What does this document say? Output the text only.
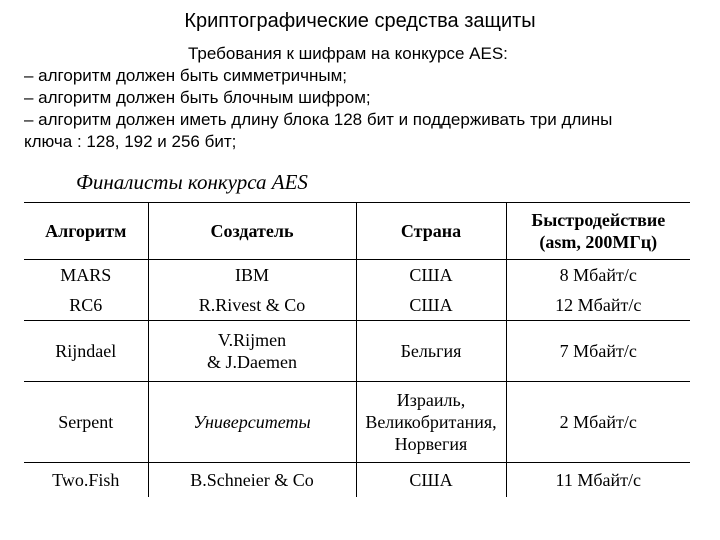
Криптографические средства защиты
Требования к шифрам на конкурсе AES:
– алгоритм должен быть симметричным;
– алгоритм должен быть блочным шифром;
– алгоритм должен иметь длину блока 128 бит и поддерживать три длины
ключа : 128, 192 и 256 бит;
Финалисты конкурса AES
Алгоритм	Создатель	Страна	Быстродействие
(asm, 200МГц)

MARS	IBM	США	8 Мбайт/с
RC6	R.Rivest & Co	США	12 Мбайт/с
Rijndael	V.Rijmen
& J.Daemen	Бельгия	7 Мбайт/с
Serpent	Университеты	Израиль,
Великобритания,
Норвегия	2 Мбайт/с
Two.Fish	B.Schneier & Co	США	11 Мбайт/с
